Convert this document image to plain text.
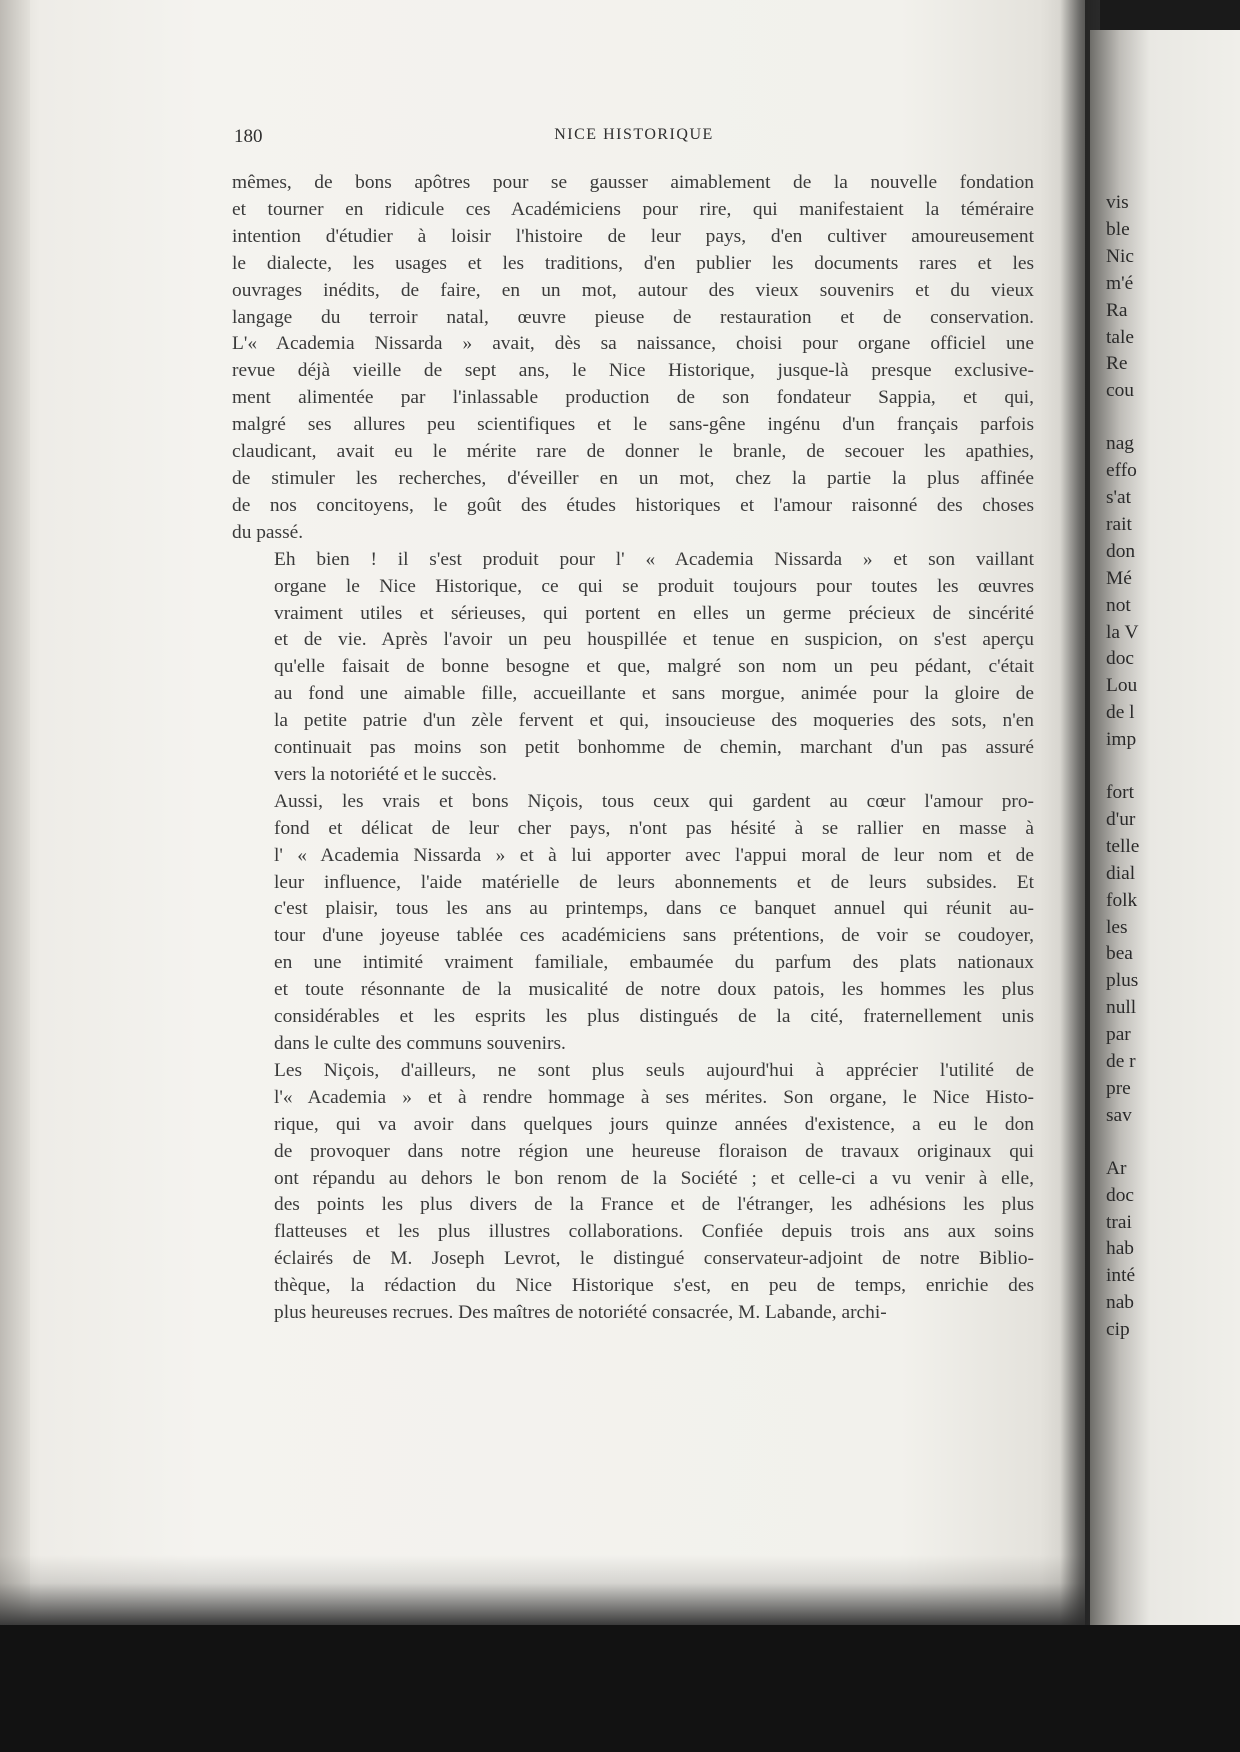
180	NICE HISTORIQUE

mêmes, de bons apôtres pour se gausser aimablement de la nouvelle fondation
et tourner en ridicule ces Académiciens pour rire, qui manifestaient la téméraire
intention d'étudier à loisir l'histoire de leur pays, d'en cultiver amoureusement
le dialecte, les usages et les traditions, d'en publier les documents rares et les
ouvrages inédits, de faire, en un mot, autour des vieux souvenirs et du vieux
langage du terroir natal, œuvre pieuse de restauration et de conservation.
L'« Academia Nissarda » avait, dès sa naissance, choisi pour organe officiel une
revue déjà vieille de sept ans, le Nice Historique, jusque-là presque exclusive-
ment alimentée par l'inlassable production de son fondateur Sappia, et qui,
malgré ses allures peu scientifiques et le sans-gêne ingénu d'un français parfois
claudicant, avait eu le mérite rare de donner le branle, de secouer les apathies,
de stimuler les recherches, d'éveiller en un mot, chez la partie la plus affinée
de nos concitoyens, le goût des études historiques et l'amour raisonné des choses
du passé.

Eh bien ! il s'est produit pour l' « Academia Nissarda » et son vaillant
organe le Nice Historique, ce qui se produit toujours pour toutes les œuvres
vraiment utiles et sérieuses, qui portent en elles un germe précieux de sincérité
et de vie. Après l'avoir un peu houspillée et tenue en suspicion, on s'est aperçu
qu'elle faisait de bonne besogne et que, malgré son nom un peu pédant, c'était
au fond une aimable fille, accueillante et sans morgue, animée pour la gloire de
la petite patrie d'un zèle fervent et qui, insoucieuse des moqueries des sots, n'en
continuait pas moins son petit bonhomme de chemin, marchant d'un pas assuré
vers la notoriété et le succès.

Aussi, les vrais et bons Niçois, tous ceux qui gardent au cœur l'amour pro-
fond et délicat de leur cher pays, n'ont pas hésité à se rallier en masse à
l' « Academia Nissarda » et à lui apporter avec l'appui moral de leur nom et de
leur influence, l'aide matérielle de leurs abonnements et de leurs subsides. Et
c'est plaisir, tous les ans au printemps, dans ce banquet annuel qui réunit au-
tour d'une joyeuse tablée ces académiciens sans prétentions, de voir se coudoyer,
en une intimité vraiment familiale, embaumée du parfum des plats nationaux
et toute résonnante de la musicalité de notre doux patois, les hommes les plus
considérables et les esprits les plus distingués de la cité, fraternellement unis
dans le culte des communs souvenirs.

Les Niçois, d'ailleurs, ne sont plus seuls aujourd'hui à apprécier l'utilité de
l'« Academia » et à rendre hommage à ses mérites. Son organe, le Nice Histo-
rique, qui va avoir dans quelques jours quinze années d'existence, a eu le don
de provoquer dans notre région une heureuse floraison de travaux originaux qui
ont répandu au dehors le bon renom de la Société ; et celle-ci a vu venir à elle,
des points les plus divers de la France et de l'étranger, les adhésions les plus
flatteuses et les plus illustres collaborations. Confiée depuis trois ans aux soins
éclairés de M. Joseph Levrot, le distingué conservateur-adjoint de notre Biblio-
thèque, la rédaction du Nice Historique s'est, en peu de temps, enrichie des
plus heureuses recrues. Des maîtres de notoriété consacrée, M. Labande, archi-

vis
ble
Nic
m'é
Ra
tale
Re
cou
nag
effo
s'at
rait
don
Mé
not
la V
doc
Lou
de l
imp
fort
d'ur
telle
dial
folk
les
bea
plus
null
par
de r
pre
sav
Ar
doc
trai
hab
inté
nab
cip
